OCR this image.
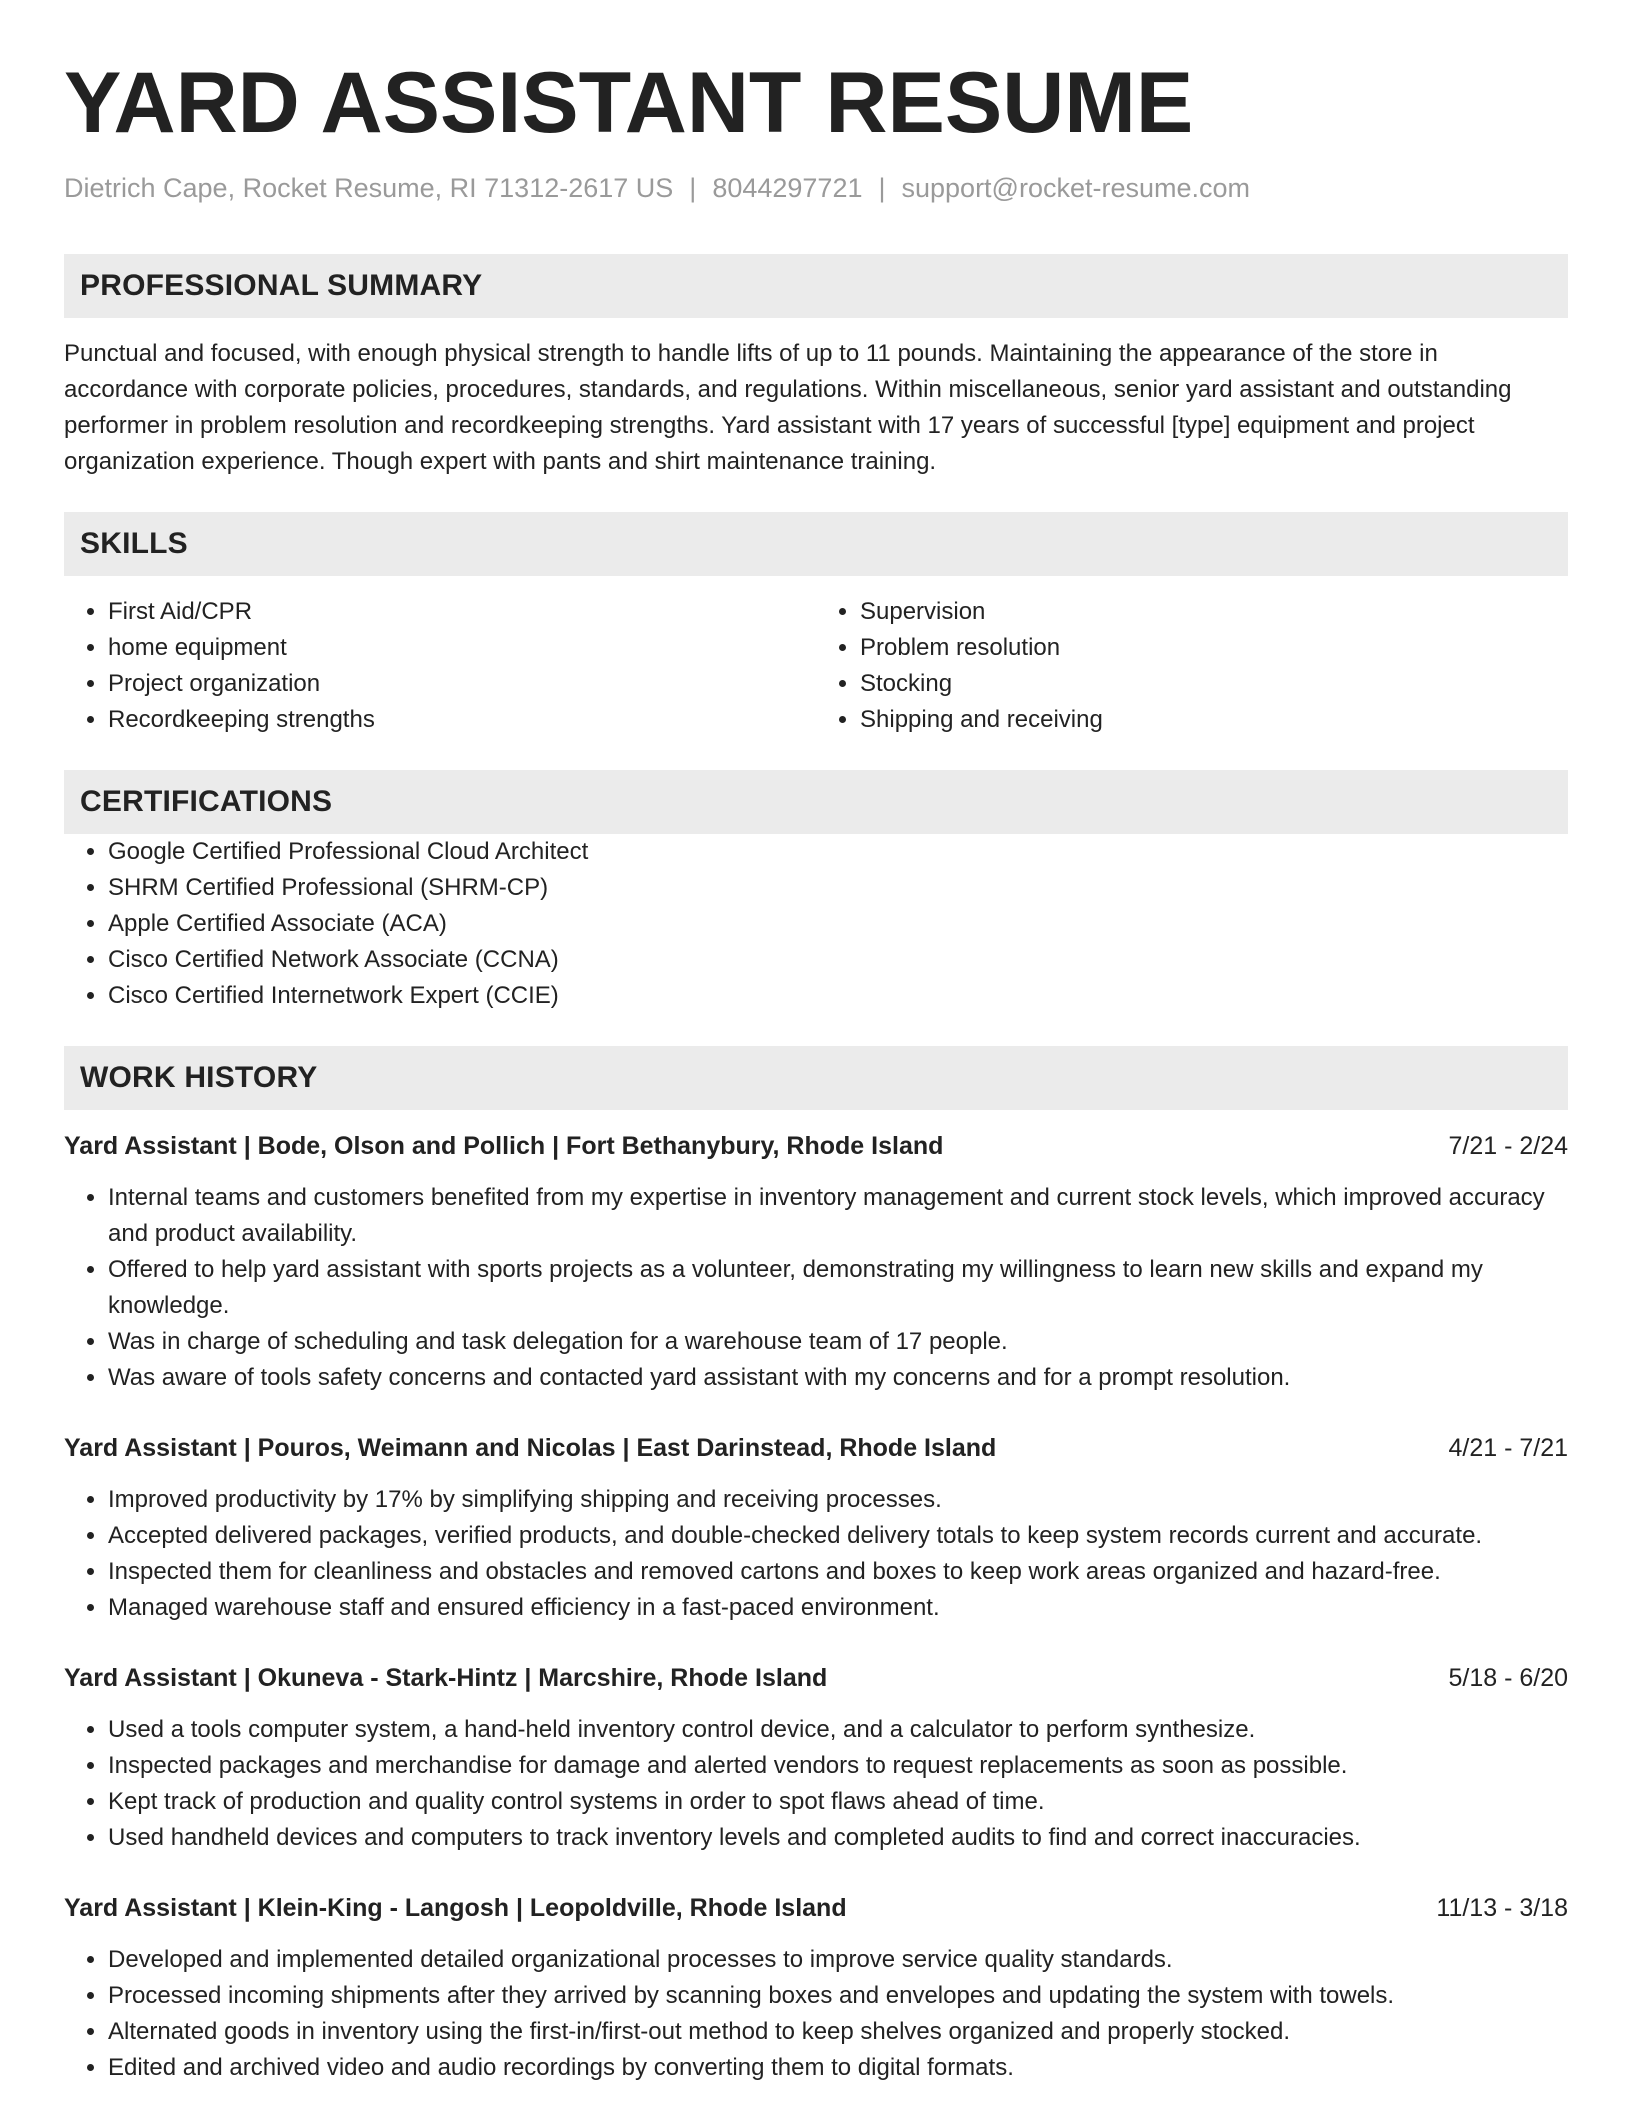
YARD ASSISTANT RESUME
Dietrich Cape, Rocket Resume, RI 71312-2617 US | 8044297721 | support@rocket-resume.com
PROFESSIONAL SUMMARY

Punctual and focused, with enough physical strength to handle lifts of up to 11 pounds. Maintaining the appearance of the store in accordance with corporate policies, procedures, standards, and regulations. Within miscellaneous, senior yard assistant and outstanding performer in problem resolution and recordkeeping strengths. Yard assistant with 17 years of successful [type] equipment and project organization experience. Though expert with pants and shirt maintenance training.

SKILLS
• First Aid/CPR
• home equipment
• Project organization
• Recordkeeping strengths
• Supervision
• Problem resolution
• Stocking
• Shipping and receiving
CERTIFICATIONS
• Google Certified Professional Cloud Architect
• SHRM Certified Professional (SHRM-CP)
• Apple Certified Associate (ACA)
• Cisco Certified Network Associate (CCNA)
• Cisco Certified Internetwork Expert (CCIE)
WORK HISTORY
Yard Assistant | Bode, Olson and Pollich | Fort Bethanybury, Rhode Island	7/21 - 2/24
• Internal teams and customers benefited from my expertise in inventory management and current stock levels, which improved accuracy and product availability.
• Offered to help yard assistant with sports projects as a volunteer, demonstrating my willingness to learn new skills and expand my knowledge.
• Was in charge of scheduling and task delegation for a warehouse team of 17 people.
• Was aware of tools safety concerns and contacted yard assistant with my concerns and for a prompt resolution.
Yard Assistant | Pouros, Weimann and Nicolas | East Darinstead, Rhode Island	4/21 - 7/21
• Improved productivity by 17% by simplifying shipping and receiving processes.
• Accepted delivered packages, verified products, and double-checked delivery totals to keep system records current and accurate.
• Inspected them for cleanliness and obstacles and removed cartons and boxes to keep work areas organized and hazard-free.
• Managed warehouse staff and ensured efficiency in a fast-paced environment.
Yard Assistant | Okuneva - Stark-Hintz | Marcshire, Rhode Island	5/18 - 6/20
• Used a tools computer system, a hand-held inventory control device, and a calculator to perform synthesize.
• Inspected packages and merchandise for damage and alerted vendors to request replacements as soon as possible.
• Kept track of production and quality control systems in order to spot flaws ahead of time.
• Used handheld devices and computers to track inventory levels and completed audits to find and correct inaccuracies.
Yard Assistant | Klein-King - Langosh | Leopoldville, Rhode Island	11/13 - 3/18
• Developed and implemented detailed organizational processes to improve service quality standards.
• Processed incoming shipments after they arrived by scanning boxes and envelopes and updating the system with towels.
• Alternated goods in inventory using the first-in/first-out method to keep shelves organized and properly stocked.
• Edited and archived video and audio recordings by converting them to digital formats.
